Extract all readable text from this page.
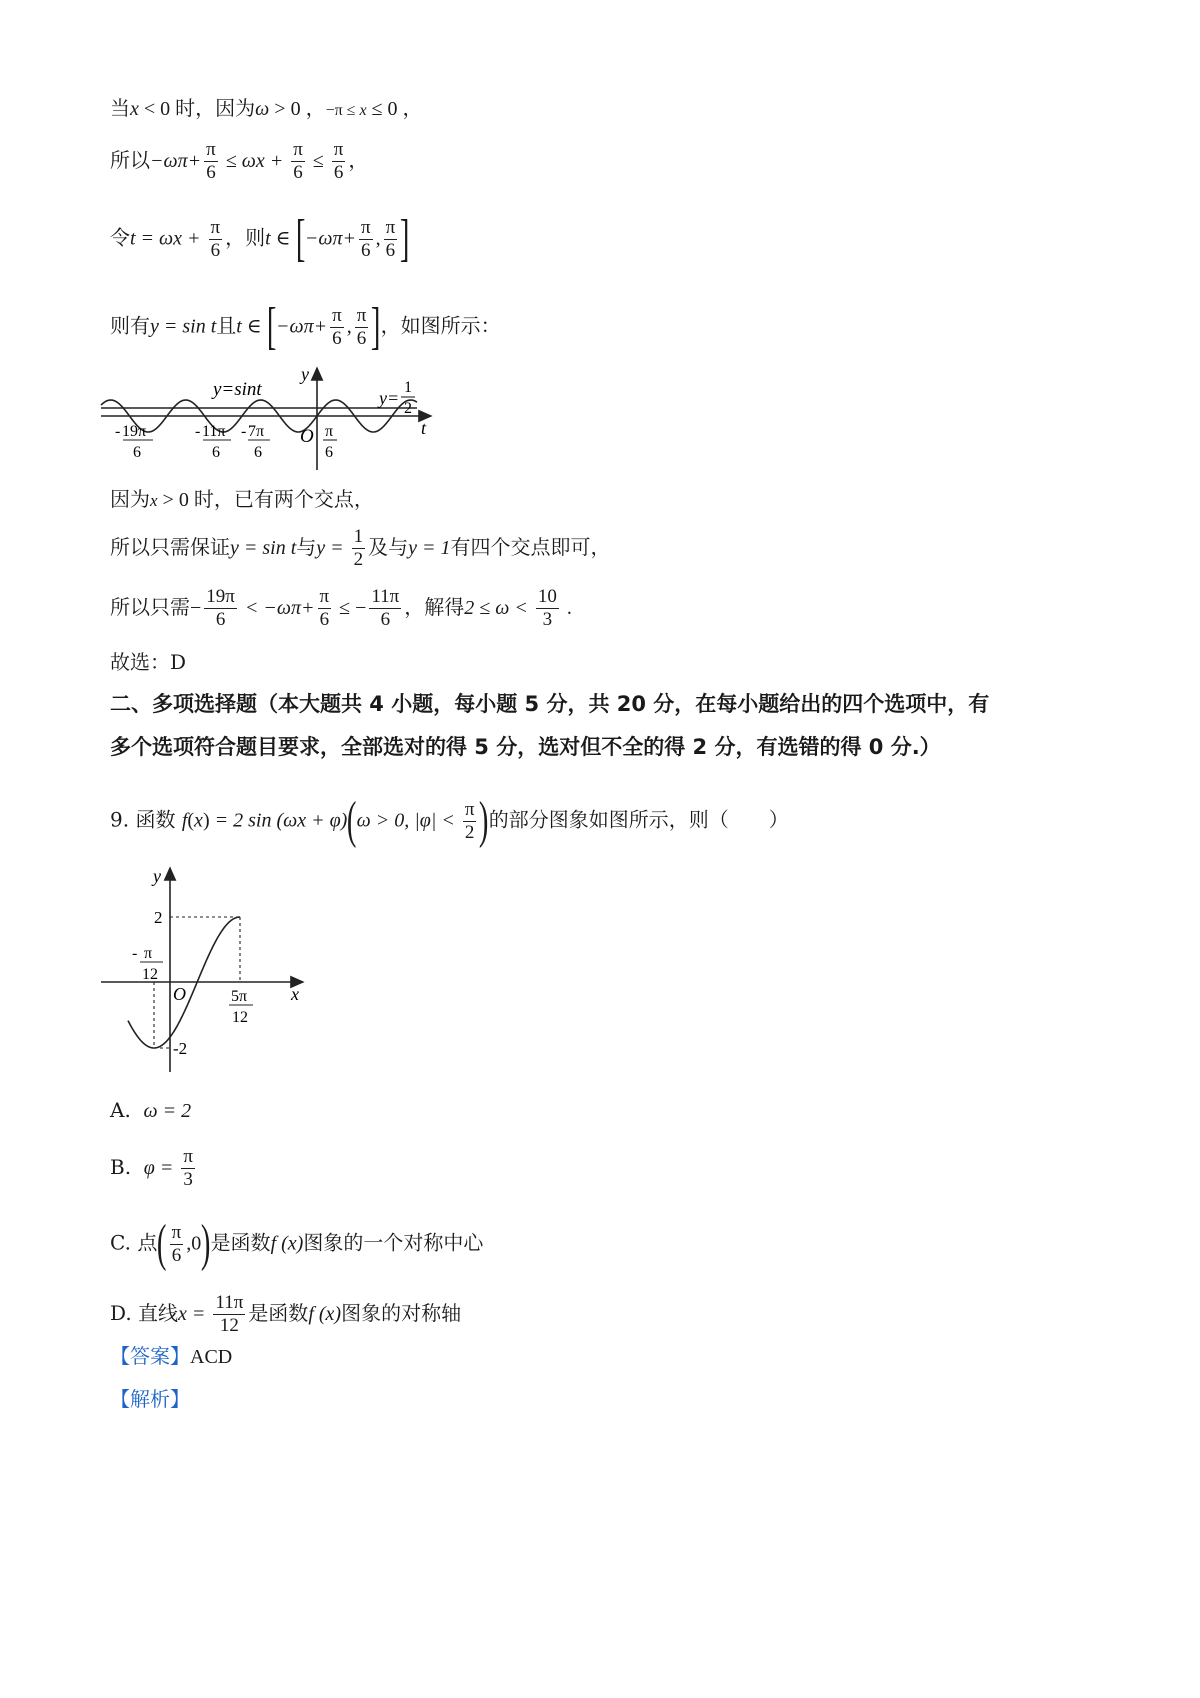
当x < 0 时，因为ω > 0 ，−π ≤ x ≤ 0 ，
所以$-\omega\pi+ \frac{\pi}{6} \le \omega x + \frac{\pi}{6} \le \frac{\pi}{6}$ ，
令$t = \omega x + \frac{\pi}{6}$ ，则t ∈ [$-\omega\pi+ \frac{\pi}{6}$ , $\frac{\pi}{6}$ ]
则有y = sin t且t ∈ [$-\omega\pi+ \frac{\pi}{6}$ , $\frac{\pi}{6}$ ]，如图所示：
y=sint
y
t
O
y=
1
2
- 19π
6
- 11π
6
- 7π
6
π
6
因为x > 0 时，已有两个交点，
所以只需保证y = sin t与$y = \frac{1}{2}$ 及与y = 1有四个交点即可，
所以只需− $\frac{19\pi}{6} < -\omega\pi+ \frac{\pi}{6}$ ≤ − $\frac{11\pi}{6}$ ，解得$2 \le \omega < \frac{10}{3}$ .
故选：D
二、多项选择题（本大题共 4 小题，每小题 5 分，共 20 分，在每小题给出的四个选项中，有
多个选项符合题目要求，全部选对的得 5 分，选对但不全的得 2 分，有选错的得 0 分.）
9. 函数 f(x) = 2 sin (ωx + φ)(ω > 0, $|\varphi| < \frac{\pi}{2}$ )的部分图象如图所示，则（　　）
y
x
O
2
-2
- π
12
5π
12
A. ω = 2
B. $\varphi = \frac{\pi}{3}$
C. 点( $\frac{\pi}{6} ,0$)是函数f (x)图象的一个对称中心
D. 直线$x = \frac{11\pi}{12}$ 是函数f (x)图象的对称轴
【答案】ACD
【解析】
